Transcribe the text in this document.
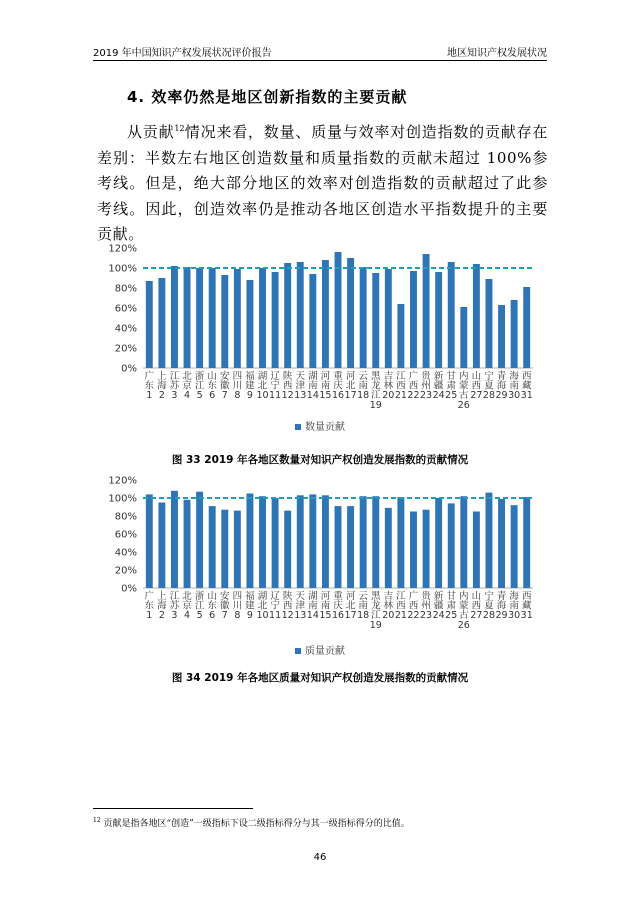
2019 年中国知识产权发展状况评价报告	地区知识产权发展状况
4. 效率仍然是地区创新指数的主要贡献
从贡献$^{12}$情况来看，数量、质量与效率对创造指数的贡献存在差别：半数左右地区创造数量和质量指数的贡献未超过 100%参考线。但是，绝大部分地区的效率对创造指数的贡献超过了此参考线。因此，创造效率仍是推动各地区创造水平指数提升的主要贡献。
0%
20%
40%
60%
80%
100%
120%
广东 1
上海 2
江苏 3
北京 4
浙江 5
山东 6
安徽 7
四川 8
福建 9
湖北 10
辽宁 11
陕西 12
天津 13
湖南 14
河南 15
重庆 16
河北 17
云南 18
黑龙江 19
吉林 20
江西 21
广西 22
贵州 23
新疆 24
甘肃 25
内蒙古 26
山西 27
宁夏 28
青海 29
海南 30
西藏 31
数量贡献
图 33 2019 年各地区数量对知识产权创造发展指数的贡献情况
0%
20%
40%
60%
80%
100%
120%
广东 1
上海 2
江苏 3
北京 4
浙江 5
山东 6
安徽 7
四川 8
福建 9
湖北 10
辽宁 11
陕西 12
天津 13
湖南 14
河南 15
重庆 16
河北 17
云南 18
黑龙江 19
吉林 20
江西 21
广西 22
贵州 23
新疆 24
甘肃 25
内蒙古 26
山西 27
宁夏 28
青海 29
海南 30
西藏 31
质量贡献
图 34 2019 年各地区质量对知识产权创造发展指数的贡献情况
$^{12}$ 贡献是指各地区“创造”一级指标下设二级指标得分与其一级指标得分的比值。
46
